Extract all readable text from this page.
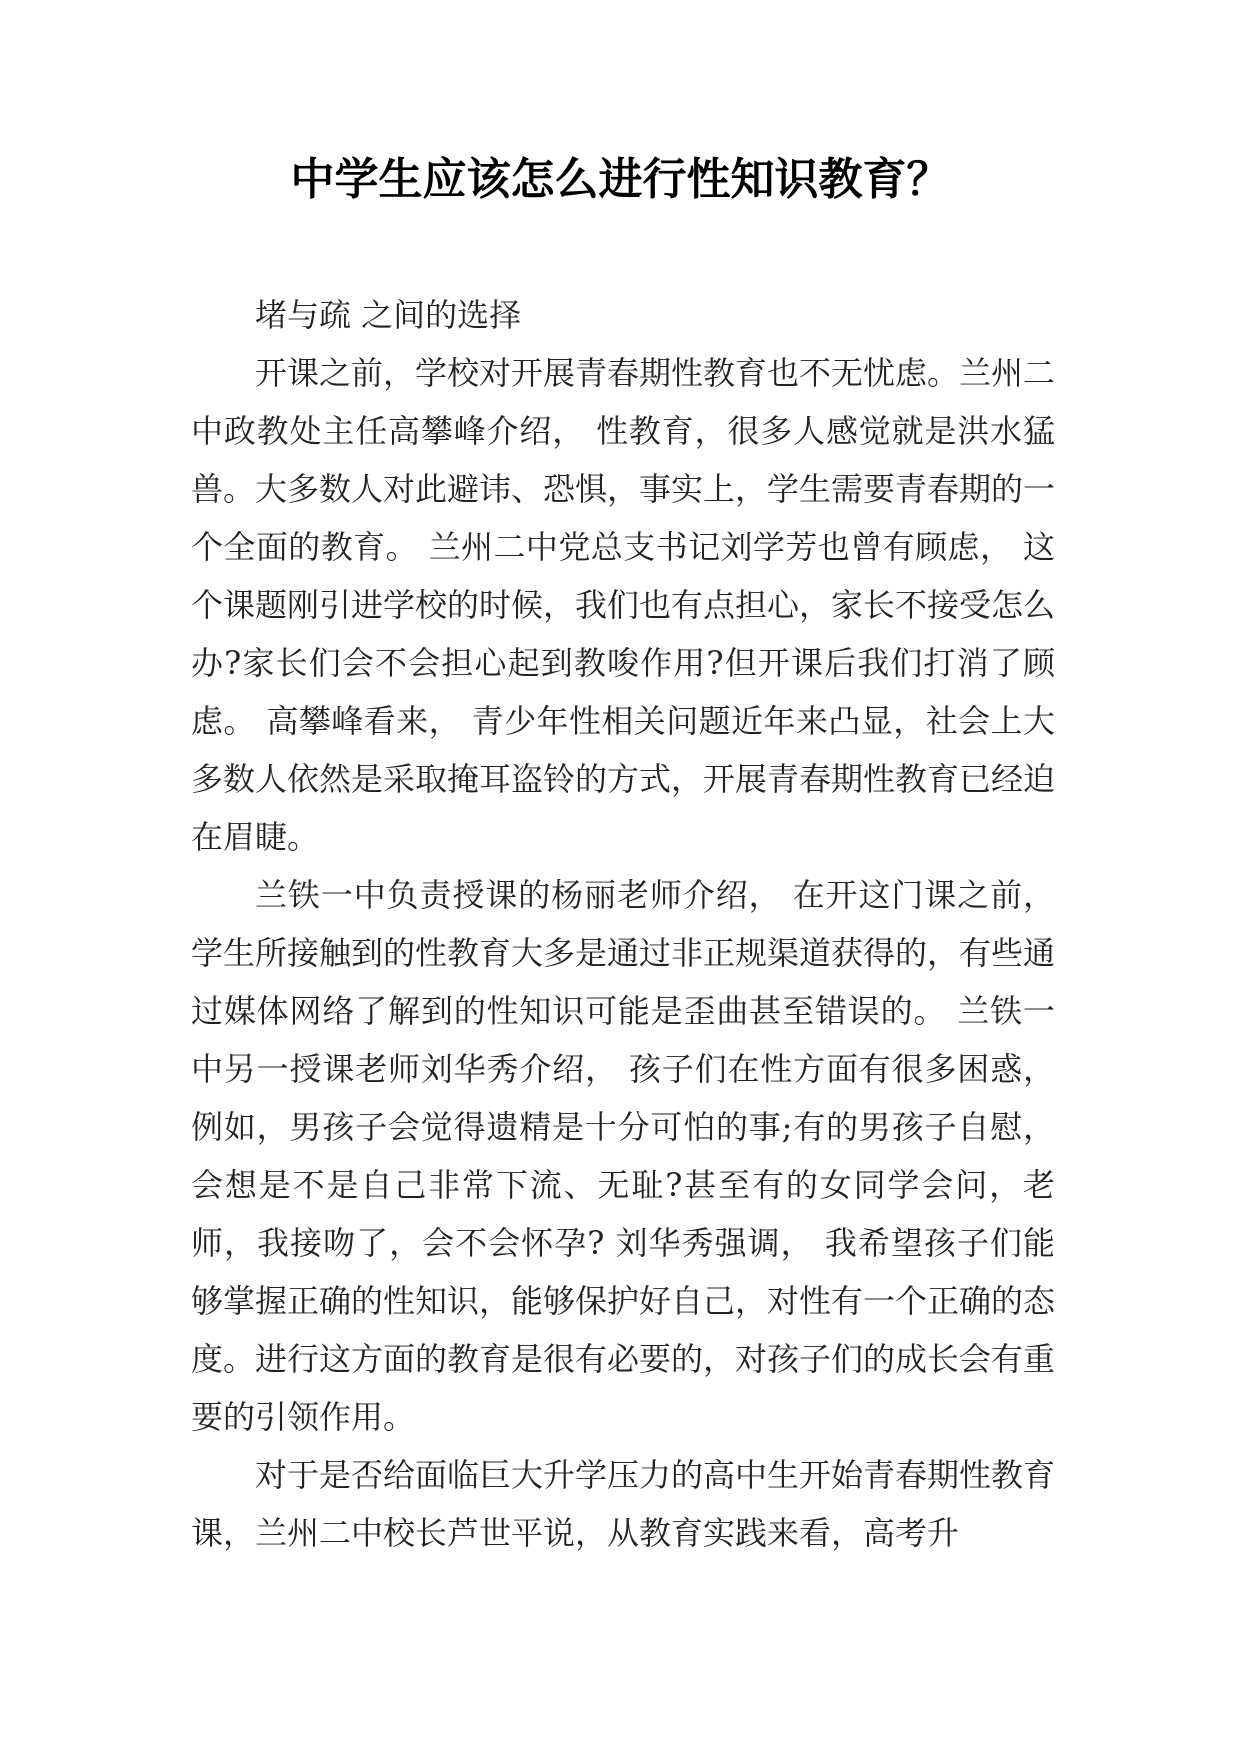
中学生应该怎么进行性知识教育？

堵与疏 之间的选择

开课之前，学校对开展青春期性教育也不无忧虑。兰州二中政教处主任高攀峰介绍， 性教育，很多人感觉就是洪水猛兽。大多数人对此避讳、恐惧，事实上，学生需要青春期的一个全面的教育。 兰州二中党总支书记刘学芳也曾有顾虑， 这个课题刚引进学校的时候，我们也有点担心，家长不接受怎么办?家长们会不会担心起到教唆作用?但开课后我们打消了顾虑。 高攀峰看来， 青少年性相关问题近年来凸显，社会上大多数人依然是采取掩耳盗铃的方式，开展青春期性教育已经迫在眉睫。

兰铁一中负责授课的杨丽老师介绍， 在开这门课之前，学生所接触到的性教育大多是通过非正规渠道获得的，有些通过媒体网络了解到的性知识可能是歪曲甚至错误的。 兰铁一中另一授课老师刘华秀介绍， 孩子们在性方面有很多困惑，例如，男孩子会觉得遗精是十分可怕的事;有的男孩子自慰，会想是不是自己非常下流、无耻?甚至有的女同学会问，老师，我接吻了，会不会怀孕? 刘华秀强调， 我希望孩子们能够掌握正确的性知识，能够保护好自己，对性有一个正确的态度。进行这方面的教育是很有必要的，对孩子们的成长会有重要的引领作用。

对于是否给面临巨大升学压力的高中生开始青春期性教育课，兰州二中校长芦世平说，从教育实践来看，高考升
